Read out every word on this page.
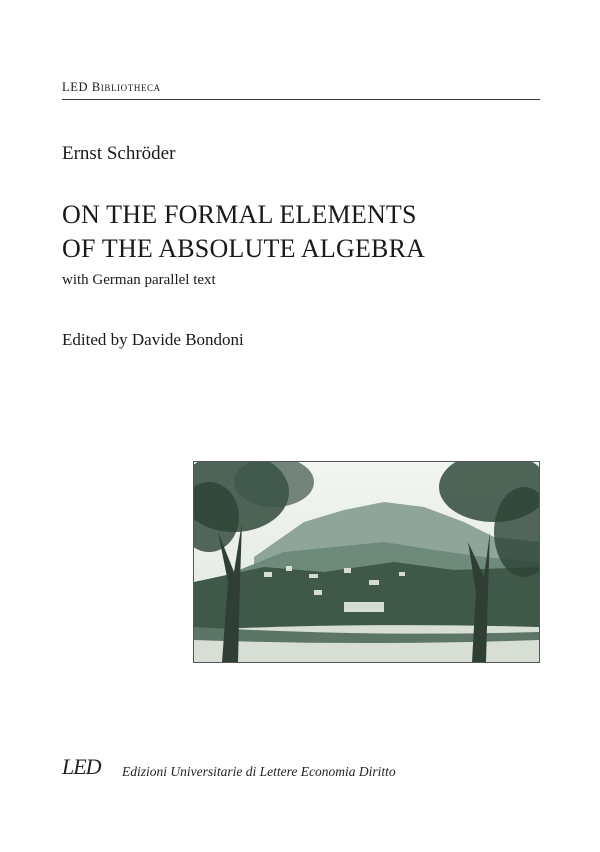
LED Bibliotheca
Ernst Schröder
ON THE FORMAL ELEMENTS
OF THE ABSOLUTE ALGEBRA
with German parallel text
Edited by Davide Bondoni
LED Edizioni Universitarie di Lettere Economia Diritto
